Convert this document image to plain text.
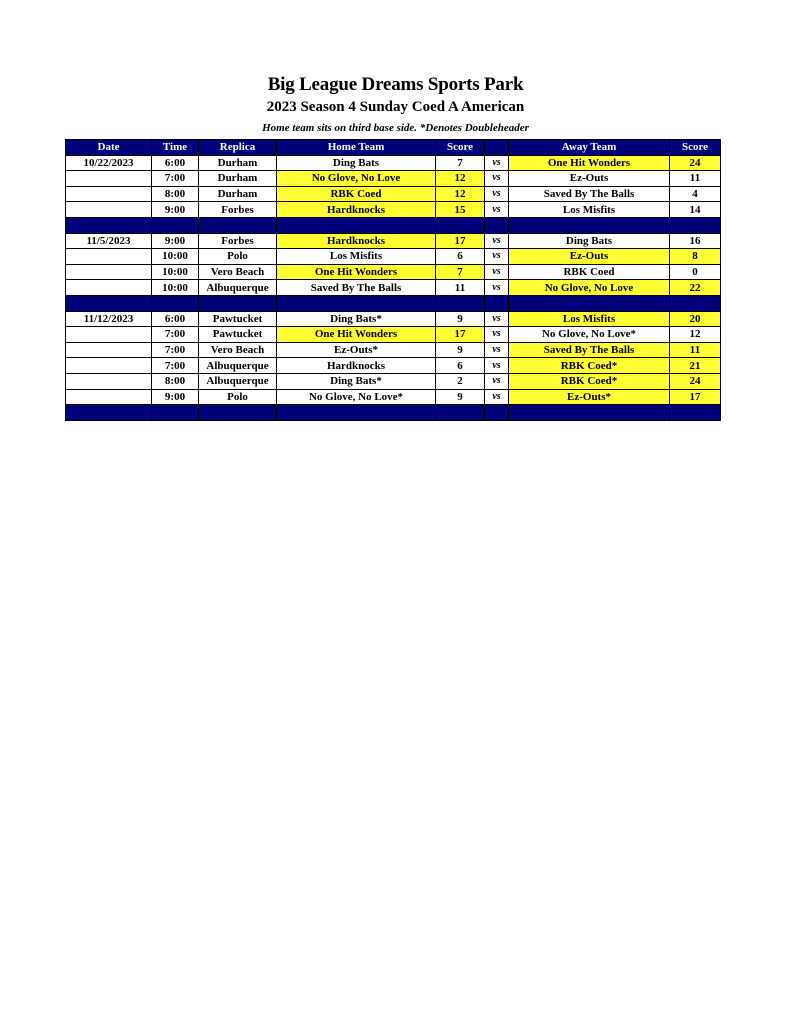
Big League Dreams Sports Park
2023 Season 4 Sunday Coed A American
Home team sits on third base side. *Denotes Doubleheader
Date	Time	Replica	Home Team	Score		Away Team	Score
10/22/2023	6:00	Durham	Ding Bats	7	vs	One Hit Wonders	24
	7:00	Durham	No Glove, No Love	12	vs	Ez-Outs	11
	8:00	Durham	RBK Coed	12	vs	Saved By The Balls	4
	9:00	Forbes	Hardknocks	15	vs	Los Misfits	14

11/5/2023	9:00	Forbes	Hardknocks	17	vs	Ding Bats	16
	10:00	Polo	Los Misfits	6	vs	Ez-Outs	8
	10:00	Vero Beach	One Hit Wonders	7	vs	RBK Coed	0
	10:00	Albuquerque	Saved By The Balls	11	vs	No Glove, No Love	22

11/12/2023	6:00	Pawtucket	Ding Bats*	9	vs	Los Misfits	20
	7:00	Pawtucket	One Hit Wonders	17	vs	No Glove, No Love*	12
	7:00	Vero Beach	Ez-Outs*	9	vs	Saved By The Balls	11
	7:00	Albuquerque	Hardknocks	6	vs	RBK Coed*	21
	8:00	Albuquerque	Ding Bats*	2	vs	RBK Coed*	24
	9:00	Polo	No Glove, No Love*	9	vs	Ez-Outs*	17
